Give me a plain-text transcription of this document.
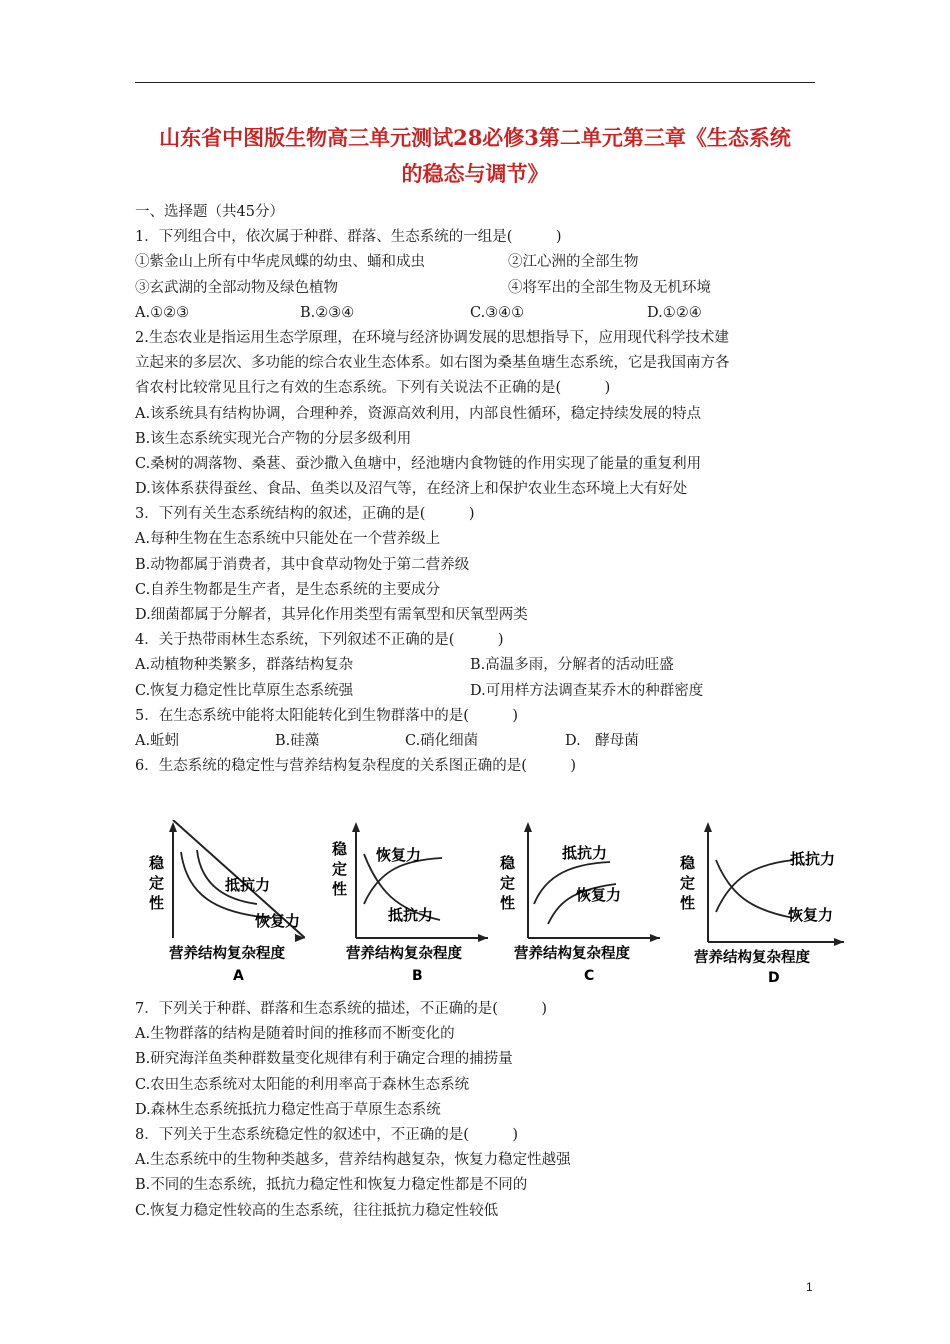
山东省中图版生物高三单元测试28必修3第二单元第三章《生态系统
的稳态与调节》
一、选择题（共45分）
1．下列组合中，依次属于种群、群落、生态系统的一组是(　　　)
①紫金山上所有中华虎凤蝶的幼虫、蛹和成虫	②江心洲的全部生物
③玄武湖的全部动物及绿色植物	④将军出的全部生物及无机环境
A.①②③	B.②③④	C.③④①	D.①②④
2.生态农业是指运用生态学原理，在环境与经济协调发展的思想指导下，应用现代科学技术建
立起来的多层次、多功能的综合农业生态体系。如右图为桑基鱼塘生态系统，它是我国南方各
省农村比较常见且行之有效的生态系统。下列有关说法不正确的是(　　　)
A.该系统具有结构协调，合理种养，资源高效利用，内部良性循环，稳定持续发展的特点
B.该生态系统实现光合产物的分层多级利用
C.桑树的凋落物、桑葚、蚕沙撒入鱼塘中，经池塘内食物链的作用实现了能量的重复利用
D.该体系获得蚕丝、食品、鱼类以及沼气等，在经济上和保护农业生态环境上大有好处
3．下列有关生态系统结构的叙述，正确的是(　　　)
A.每种生物在生态系统中只能处在一个营养级上
B.动物都属于消费者，其中食草动物处于第二营养级
C.自养生物都是生产者，是生态系统的主要成分
D.细菌都属于分解者，其异化作用类型有需氧型和厌氧型两类
4．关于热带雨林生态系统，下列叙述不正确的是(　　　)
A.动植物种类繁多，群落结构复杂	B.高温多雨，分解者的活动旺盛
C.恢复力稳定性比草原生态系统强	D.可用样方法调查某乔木的种群密度
5．在生态系统中能将太阳能转化到生物群落中的是(　　　)
A.蚯蚓	B.硅藻	C.硝化细菌	D.　酵母菌
6．生态系统的稳定性与营养结构复杂程度的关系图正确的是(　　　)
稳
定
性
抵抗力
恢复力
营养结构复杂程度
A
稳
定
性
恢复力
抵抗力
营养结构复杂程度
B
稳
定
性
抵抗力
恢复力
营养结构复杂程度
C
稳
定
性
抵抗力
恢复力
营养结构复杂程度
D
7．下列关于种群、群落和生态系统的描述，不正确的是(　　　)
A.生物群落的结构是随着时间的推移而不断变化的
B.研究海洋鱼类种群数量变化规律有利于确定合理的捕捞量
C.农田生态系统对太阳能的利用率高于森林生态系统
D.森林生态系统抵抗力稳定性高于草原生态系统
8．下列关于生态系统稳定性的叙述中，不正确的是(　　　)
A.生态系统中的生物种类越多，营养结构越复杂，恢复力稳定性越强
B.不同的生态系统，抵抗力稳定性和恢复力稳定性都是不同的
C.恢复力稳定性较高的生态系统，往往抵抗力稳定性较低
1
